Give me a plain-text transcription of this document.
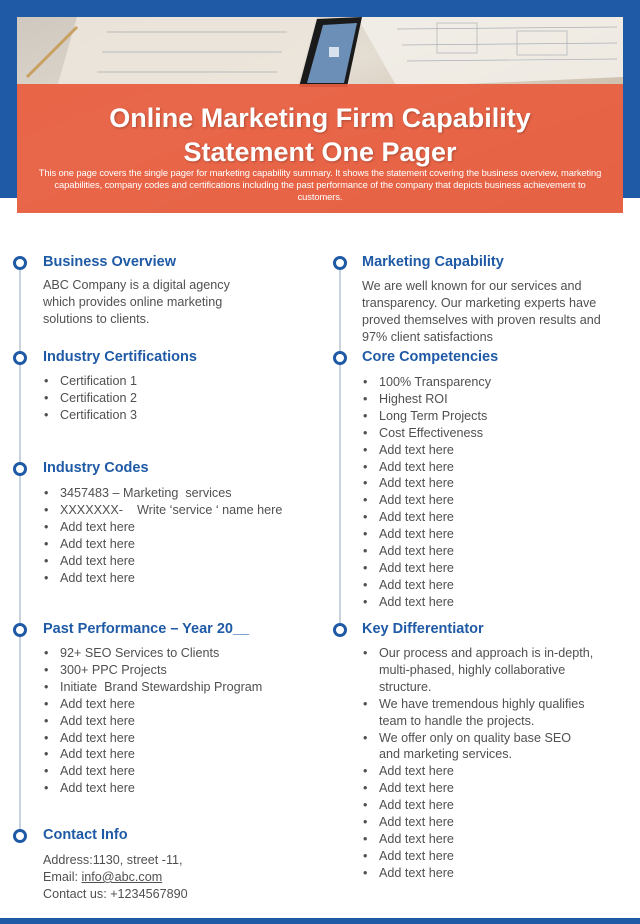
Online Marketing Firm Capability
Statement One Pager
This one page covers the single pager for marketing capability summary. It shows the statement covering the business overview, marketing capabilities, company codes and certifications including the past performance of the company that depicts business achievement to customers.
Business Overview

ABC Company is a digital agency which provides online marketing solutions to clients.

Industry Certifications
• Certification 1
• Certification 2
• Certification 3
Industry Codes
• 3457483 – Marketing  services
• XXXXXXX-    Write ‘service ‘ name here
• Add text here
• Add text here
• Add text here
• Add text here
Past Performance – Year 20__
• 92+ SEO Services to Clients
• 300+ PPC Projects
• Initiate  Brand Stewardship Program
• Add text here
• Add text here
• Add text here
• Add text here
• Add text here
• Add text here
Contact Info
Address:1130, street -11,
Email: info@abc.com
Contact us: +1234567890
Marketing Capability

We are well known for our services and transparency. Our marketing experts have proved themselves with proven results and 97% client satisfactions

Core Competencies
• 100% Transparency
• Highest ROI
• Long Term Projects
• Cost Effectiveness
• Add text here
• Add text here
• Add text here
• Add text here
• Add text here
• Add text here
• Add text here
• Add text here
• Add text here
• Add text here
Key Differentiator
• Our process and approach is in-depth, multi-phased, highly collaborative structure.
• We have tremendous highly qualifies team to handle the projects.
• We offer only on quality base SEO and marketing services.
• Add text here
• Add text here
• Add text here
• Add text here
• Add text here
• Add text here
• Add text here
